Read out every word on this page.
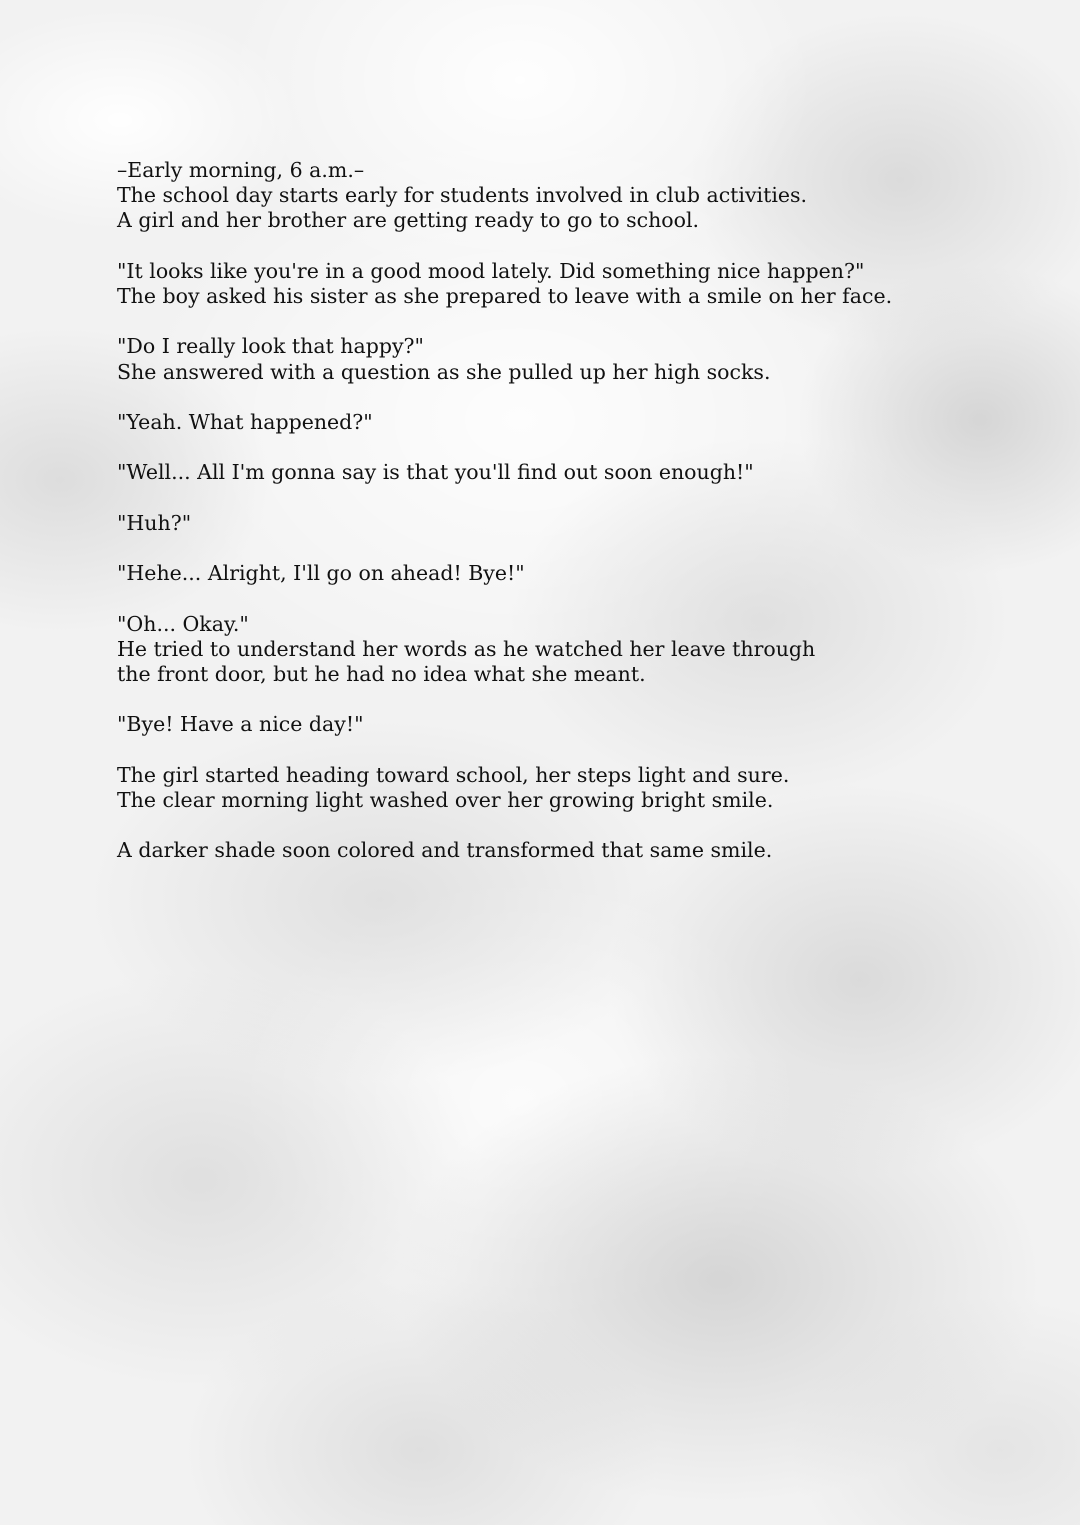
–Early morning, 6 a.m.–
The school day starts early for students involved in club activities.
A girl and her brother are getting ready to go to school.

"It looks like you're in a good mood lately. Did something nice happen?"
The boy asked his sister as she prepared to leave with a smile on her face.

"Do I really look that happy?"
She answered with a question as she pulled up her high socks.

"Yeah. What happened?"

"Well... All I'm gonna say is that you'll find out soon enough!"

"Huh?"

"Hehe... Alright, I'll go on ahead! Bye!"

"Oh... Okay."
He tried to understand her words as he watched her leave through
the front door, but he had no idea what she meant.

"Bye! Have a nice day!"

The girl started heading toward school, her steps light and sure.
The clear morning light washed over her growing bright smile.

A darker shade soon colored and transformed that same smile.
